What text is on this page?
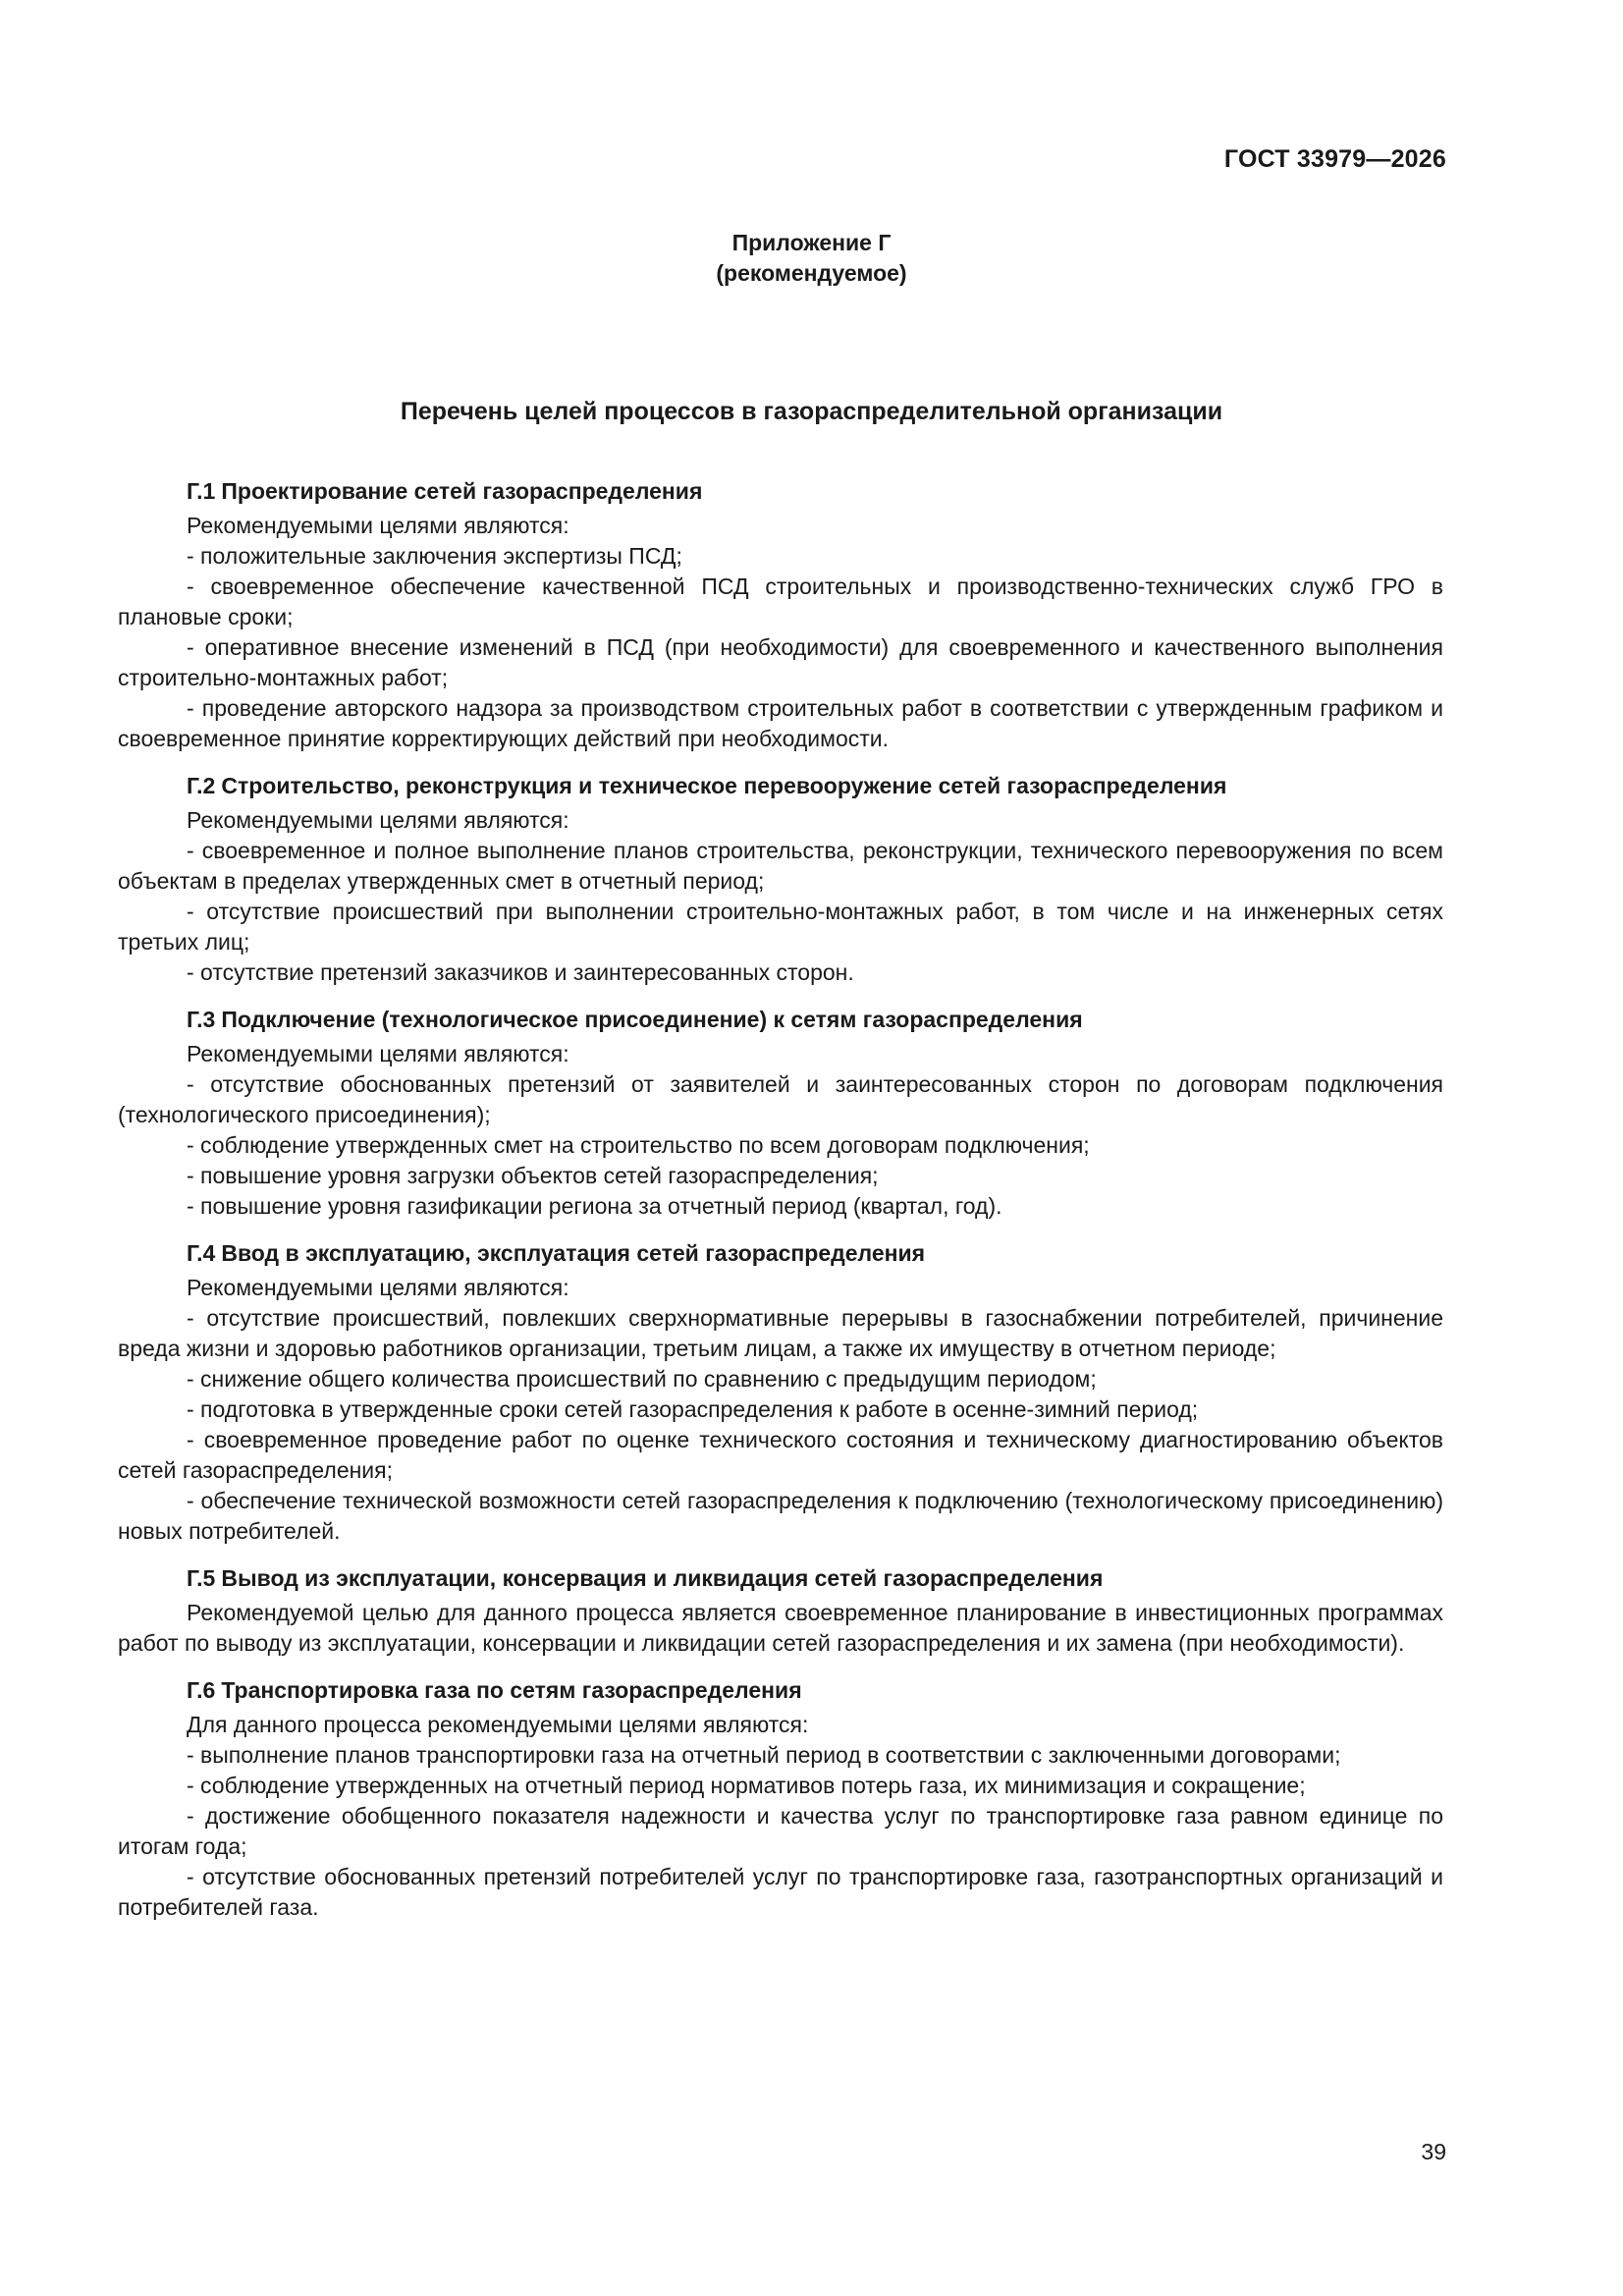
ГОСТ 33979—2026
Приложение Г
(рекомендуемое)
Перечень целей процессов в газораспределительной организации
Г.1 Проектирование сетей газораспределения

Рекомендуемыми целями являются:

- положительные заключения экспертизы ПСД;

- своевременное обеспечение качественной ПСД строительных и производственно-технических служб ГРО в плановые сроки;

- оперативное внесение изменений в ПСД (при необходимости) для своевременного и качественного выполнения строительно-монтажных работ;

- проведение авторского надзора за производством строительных работ в соответствии с утвержденным графиком и своевременное принятие корректирующих действий при необходимости.

Г.2 Строительство, реконструкция и техническое перевооружение сетей газораспределения

Рекомендуемыми целями являются:

- своевременное и полное выполнение планов строительства, реконструкции, технического перевооружения по всем объектам в пределах утвержденных смет в отчетный период;

- отсутствие происшествий при выполнении строительно-монтажных работ, в том числе и на инженерных сетях третьих лиц;

- отсутствие претензий заказчиков и заинтересованных сторон.

Г.3 Подключение (технологическое присоединение) к сетям газораспределения

Рекомендуемыми целями являются:

- отсутствие обоснованных претензий от заявителей и заинтересованных сторон по договорам подключения (технологического присоединения);

- соблюдение утвержденных смет на строительство по всем договорам подключения;

- повышение уровня загрузки объектов сетей газораспределения;

- повышение уровня газификации региона за отчетный период (квартал, год).

Г.4 Ввод в эксплуатацию, эксплуатация сетей газораспределения

Рекомендуемыми целями являются:

- отсутствие происшествий, повлекших сверхнормативные перерывы в газоснабжении потребителей, причинение вреда жизни и здоровью работников организации, третьим лицам, а также их имуществу в отчетном периоде;

- снижение общего количества происшествий по сравнению с предыдущим периодом;

- подготовка в утвержденные сроки сетей газораспределения к работе в осенне-зимний период;

- своевременное проведение работ по оценке технического состояния и техническому диагностированию объектов сетей газораспределения;

- обеспечение технической возможности сетей газораспределения к подключению (технологическому присоединению) новых потребителей.

Г.5 Вывод из эксплуатации, консервация и ликвидация сетей газораспределения

Рекомендуемой целью для данного процесса является своевременное планирование в инвестиционных программах работ по выводу из эксплуатации, консервации и ликвидации сетей газораспределения и их замена (при необходимости).

Г.6 Транспортировка газа по сетям газораспределения

Для данного процесса рекомендуемыми целями являются:

- выполнение планов транспортировки газа на отчетный период в соответствии с заключенными договорами;

- соблюдение утвержденных на отчетный период нормативов потерь газа, их минимизация и сокращение;

- достижение обобщенного показателя надежности и качества услуг по транспортировке газа равном единице по итогам года;

- отсутствие обоснованных претензий потребителей услуг по транспортировке газа, газотранспортных организаций и потребителей газа.

39
